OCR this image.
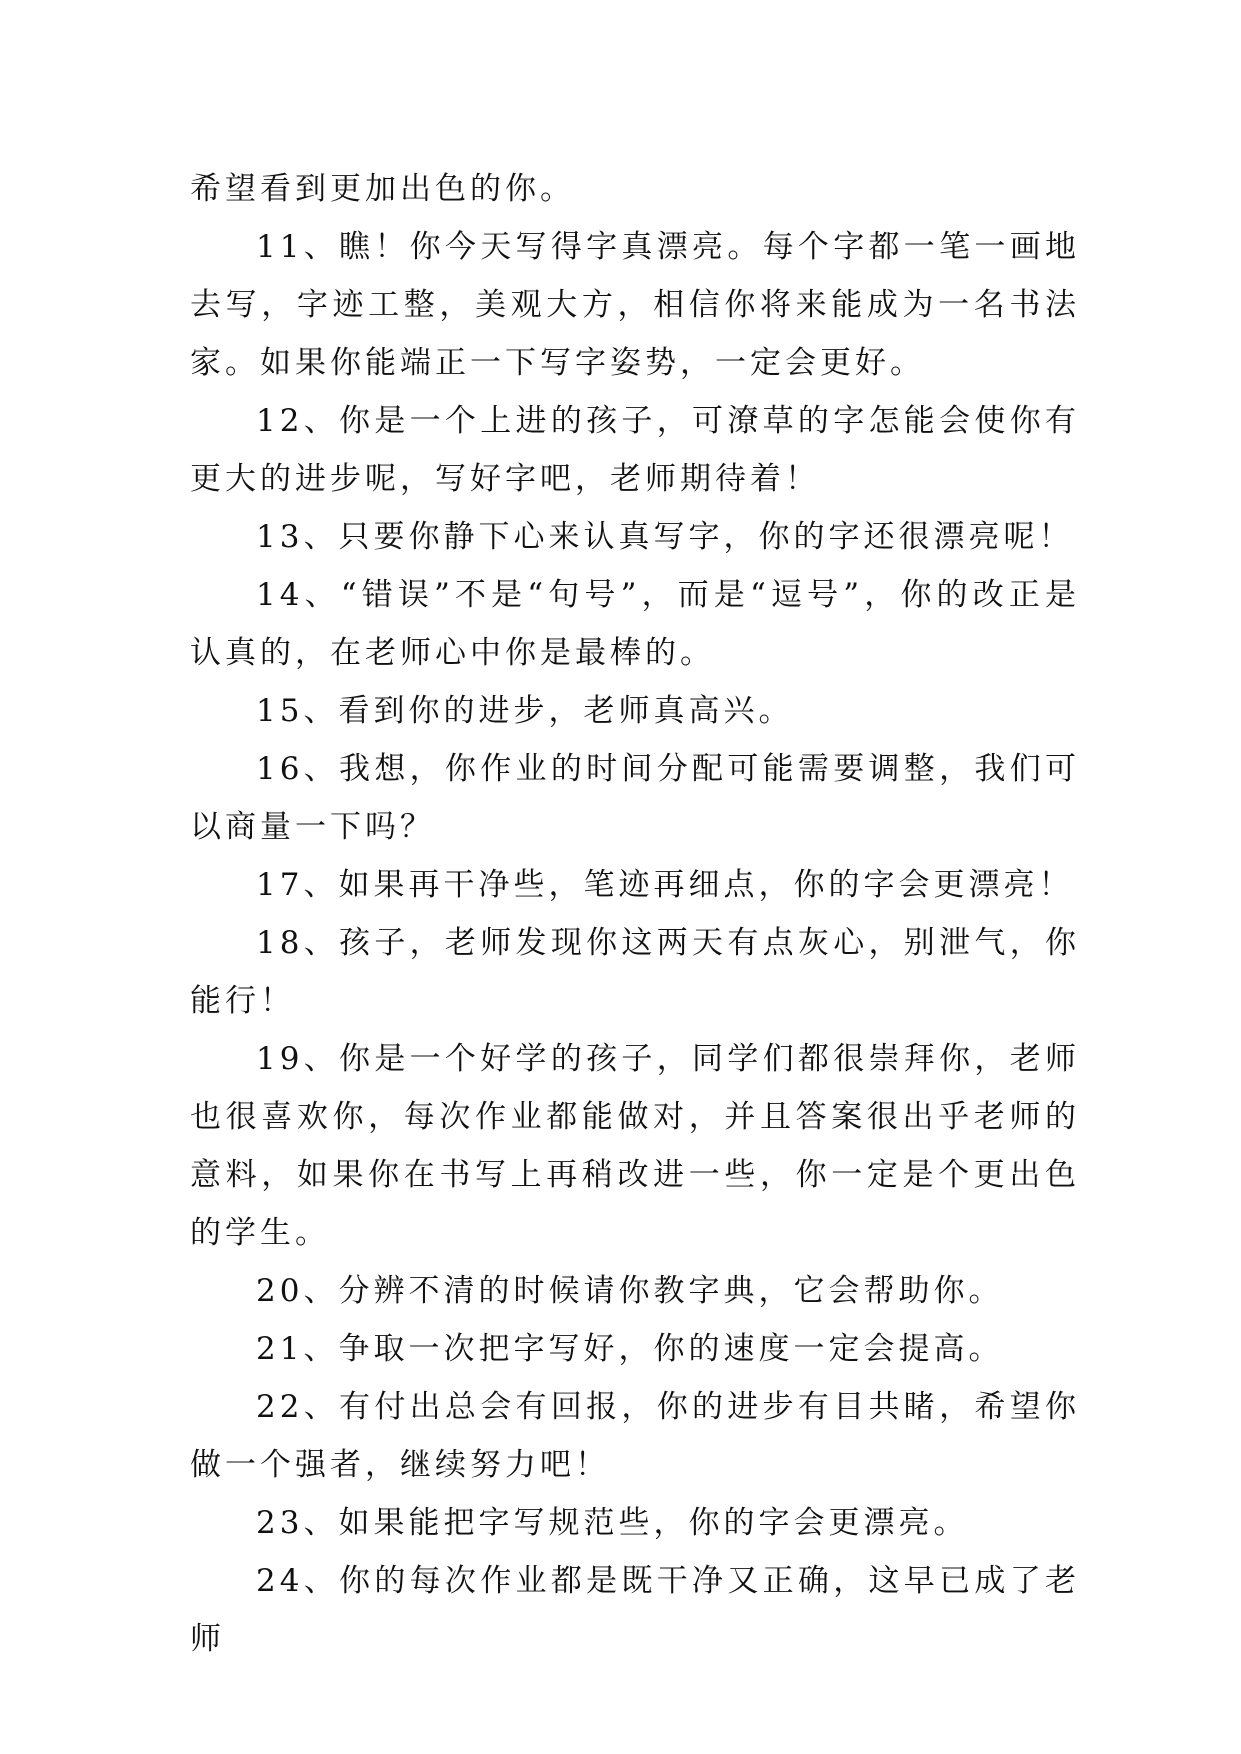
希望看到更加出色的你。

11、瞧！你今天写得字真漂亮。每个字都一笔一画地去写，字迹工整，美观大方，相信你将来能成为一名书法家。如果你能端正一下写字姿势，一定会更好。

12、你是一个上进的孩子，可潦草的字怎能会使你有更大的进步呢，写好字吧，老师期待着！

13、只要你静下心来认真写字，你的字还很漂亮呢！

14、“错误”不是“句号”，而是“逗号”，你的改正是认真的，在老师心中你是最棒的。

15、看到你的进步，老师真高兴。

16、我想，你作业的时间分配可能需要调整，我们可以商量一下吗？

17、如果再干净些，笔迹再细点，你的字会更漂亮！

18、孩子，老师发现你这两天有点灰心，别泄气，你能行！

19、你是一个好学的孩子，同学们都很崇拜你，老师也很喜欢你，每次作业都能做对，并且答案很出乎老师的意料，如果你在书写上再稍改进一些，你一定是个更出色的学生。

20、分辨不清的时候请你教字典，它会帮助你。

21、争取一次把字写好，你的速度一定会提高。

22、有付出总会有回报，你的进步有目共睹，希望你做一个强者，继续努力吧！

23、如果能把字写规范些，你的字会更漂亮。

24、你的每次作业都是既干净又正确，这早已成了老师
